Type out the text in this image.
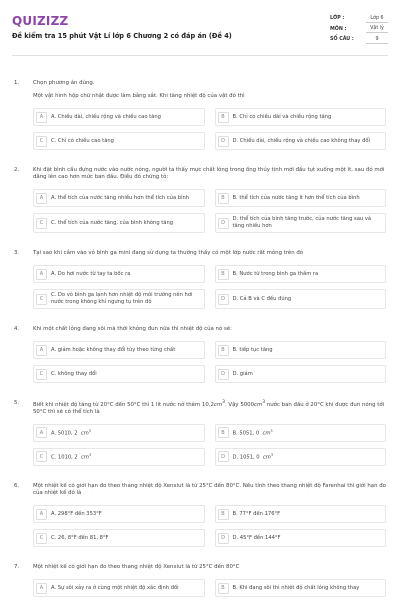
QUIZIZZ
Đề kiểm tra 15 phút Vật Lí lớp 6 Chương 2 có đáp án (Đề 4)
LỚP :	Lớp 6
MÔN :	Vật lý
SỐ CÂU :	9
1.	Chọn phương án đúng.
Một vật hình hộp chữ nhật được làm bằng sắt. Khi tăng nhiệt độ của vật đó thì
A	A. Chiều dài, chiều rộng và chiều cao tăng	B	B. Chỉ có chiều dài và chiều rộng tăng
C	C. Chỉ có chiều cao tăng	D	D. Chiều dài, chiều rộng và chiều cao không thay đổi
2.	Khi đặt bình cầu đựng nước vào nước nóng, người ta thấy mực chất lỏng trong ống thủy tinh mới đầu tụt xuống một ít, sau đó mới dâng lên cao hơn mức ban đầu. Điều đó chứng tỏ:
A	A. thể tích của nước tăng nhiều hơn thể tích của bình	B	B. thể tích của nước tăng ít hơn thể tích của bình
C	C. thể tích của nước tăng, của bình không tăng	D
D. thể tích của bình tăng trước, của nước tăng sau và tăng nhiều hơn
3.	Tại sao khi cắm vào vỏ bình ga mini đang sử dụng ta thường thấy có một lớp nước rất mỏng trên đó
A	A. Do hơi nước từ tay ta bốc ra	B	B. Nước từ trong bình ga thấm ra
C
C. Do vỏ bình ga lạnh hơn nhiệt độ môi trường nên hơi nước trong không khí ngưng tụ trên đó
D	D. Cả B và C đều đúng
4.	Khi một chất lỏng đang sôi mà thời không đun nữa thì nhiệt độ của nó sẽ:
A	A. giảm hoặc không thay đổi tùy theo từng chất	B	B. tiếp tục tăng
C	C. không thay đổi	D	D. giảm
5.	Biết khi nhiệt độ tăng từ 20°C đến 50°C thì 1 lít nước nở thêm $10,2cm^3$. Vậy $5000cm^3$ nước ban đầu ở 20°C khi được đun nóng tới 50°C thì sẽ có thể tích là
A	A. 5010, 2 $cm^3$	B	B. 5051, 0 $cm^3$
C	C. 1010, 2 $cm^3$	D	D. 1051, 0 $cm^3$
6.	Một nhiệt kế có giới hạn đo theo thang nhiệt độ Xenxiut là từ 25°C đến 80°C. Nếu tính theo thang nhiệt độ Farenhai thì giới hạn đo của nhiệt kế đó là
A	A. 298°F đến 353°F	B	B. 77°F đến 176°F
C	C. 26, 8°F đến 81, 8°F	D	D. 45°F đến 144°F
7.	Một nhiệt kế có giới hạn đo theo thang nhiệt độ Xenxiut là từ 25°C đến 80°C
A	A. Sự sôi xảy ra ở cùng một nhiệt độ xác định đối	B	B. Khi đang sôi thì nhiệt độ chất lỏng không thay
